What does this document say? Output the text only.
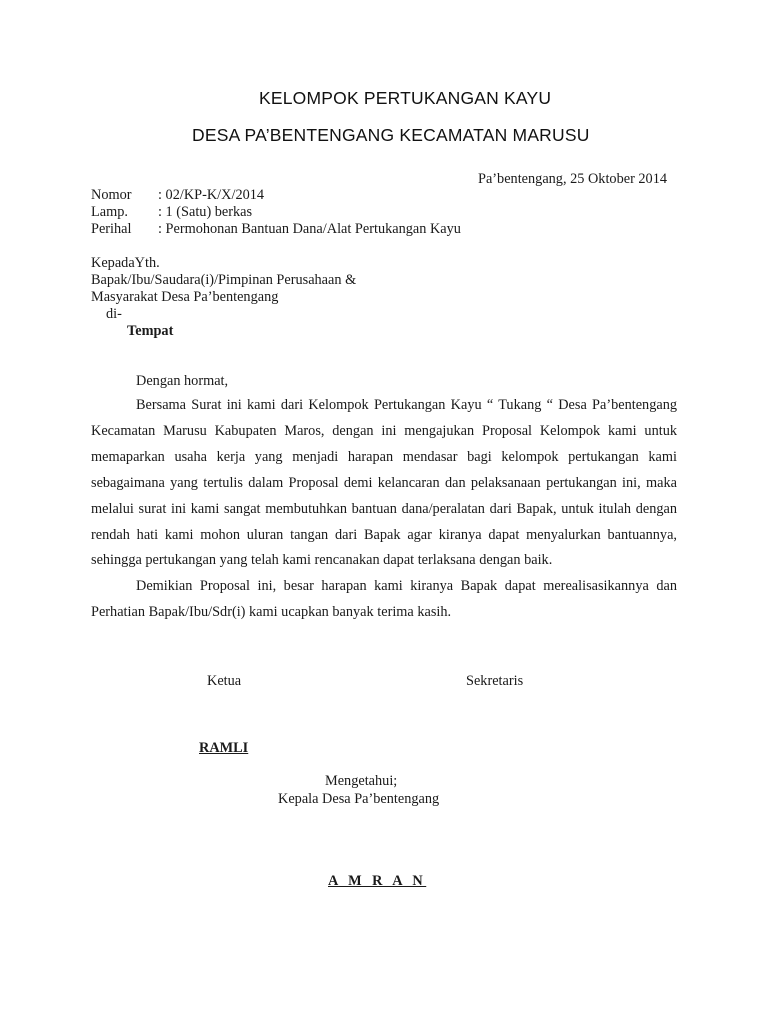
KELOMPOK PERTUKANGAN KAYU
DESA PA’BENTENGANG KECAMATAN MARUSU
Pa’bentengang, 25 Oktober 2014
Nomor : 02/KP-K/X/2014
Lamp. : 1 (Satu) berkas
Perihal : Permohonan Bantuan Dana/Alat Pertukangan Kayu
KepadaYth.
Bapak/Ibu/Saudara(i)/Pimpinan Perusahaan &
Masyarakat Desa Pa’bentengang
di-
Tempat
Dengan hormat,

Bersama Surat ini kami dari Kelompok Pertukangan Kayu “ Tukang “ Desa Pa’bentengang Kecamatan Marusu Kabupaten Maros, dengan ini mengajukan Proposal Kelompok kami untuk memaparkan usaha kerja yang menjadi harapan mendasar bagi kelompok pertukangan kami sebagaimana yang tertulis dalam Proposal demi kelancaran dan pelaksanaan pertukangan ini, maka melalui surat ini kami sangat membutuhkan bantuan dana/peralatan dari Bapak, untuk itulah dengan rendah hati kami mohon uluran tangan dari Bapak agar kiranya dapat menyalurkan bantuannya, sehingga pertukangan yang telah kami rencanakan dapat terlaksana dengan baik.

Demikian Proposal ini, besar harapan kami kiranya Bapak dapat merealisasikannya dan Perhatian Bapak/Ibu/Sdr(i) kami ucapkan banyak terima kasih.

Ketua	Sekretaris
RAMLI
Mengetahui;
Kepala Desa Pa’bentengang
A M R A N
